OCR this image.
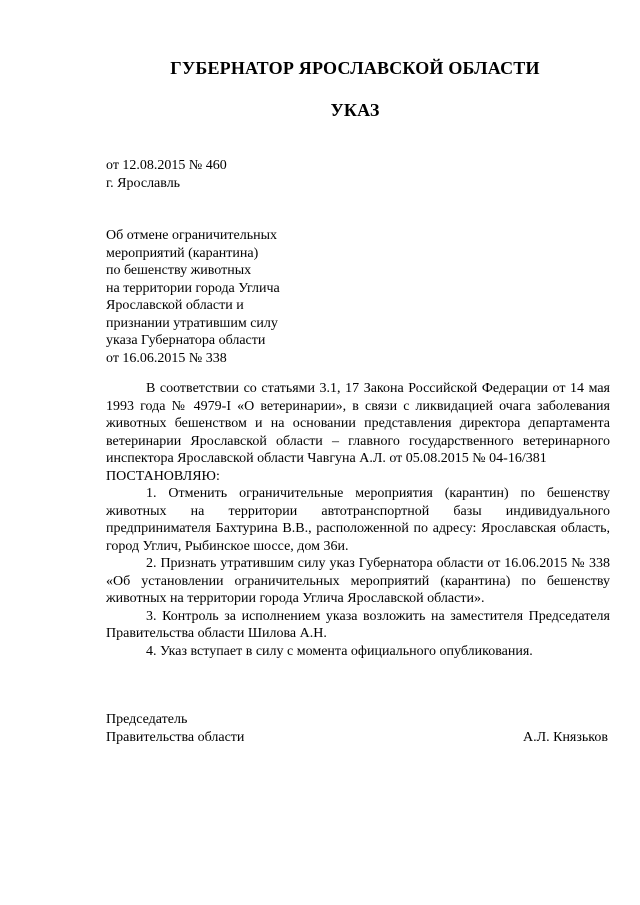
ГУБЕРНАТОР ЯРОСЛАВСКОЙ ОБЛАСТИ
УКАЗ
от 12.08.2015 № 460
г. Ярославль
Об отмене ограничительных
мероприятий (карантина)
по бешенству животных
на территории города Углича
Ярославской области и
признании утратившим силу
указа Губернатора области
от 16.06.2015 № 338
В соответствии со статьями 3.1, 17 Закона Российской Федерации от 14 мая 1993 года № 4979-I «О ветеринарии», в связи с ликвидацией очага заболевания животных бешенством и на основании представления директора департамента ветеринарии Ярославской области – главного государственного ветеринарного инспектора Ярославской области Чавгуна А.Л. от 05.08.2015 № 04-16/381
ПОСТАНОВЛЯЮ:
1. Отменить ограничительные мероприятия (карантин) по бешенству животных на территории автотранспортной базы индивидуального предпринимателя Бахтурина В.В., расположенной по адресу: Ярославская область, город Углич, Рыбинское шоссе, дом 36и.
2. Признать утратившим силу указ Губернатора области от 16.06.2015 № 338 «Об установлении ограничительных мероприятий (карантина) по бешенству животных на территории города Углича Ярославской области».
3. Контроль за исполнением указа возложить на заместителя Председателя Правительства области Шилова А.Н.
4. Указ вступает в силу с момента официального опубликования.
Председатель
Правительства области	А.Л. Князьков
